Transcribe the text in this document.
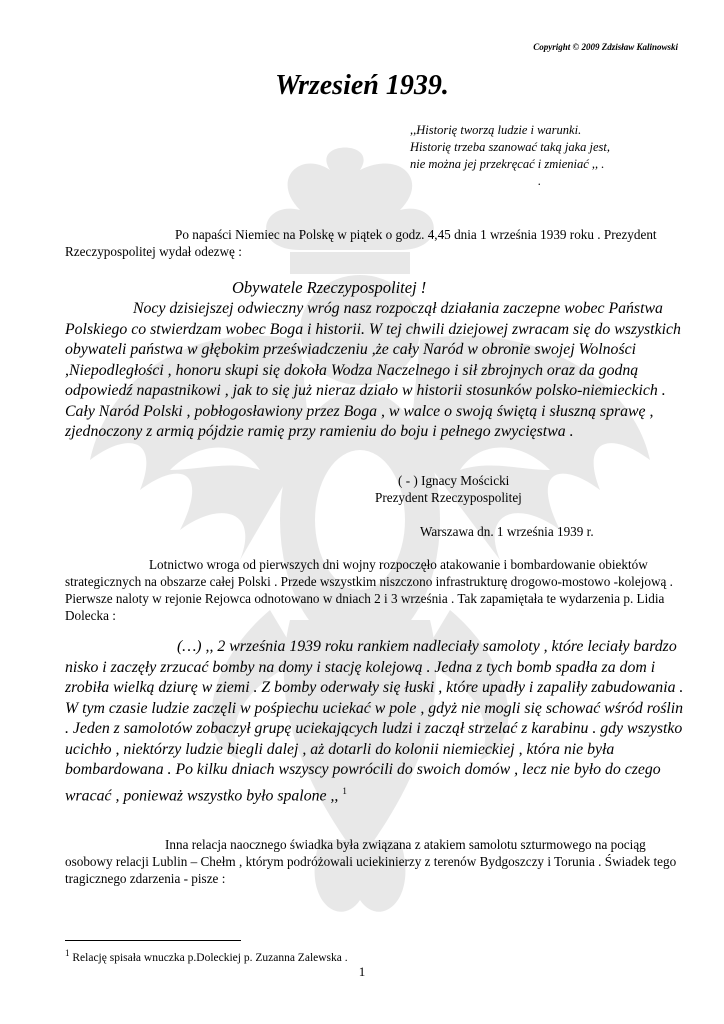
Copyright © 2009 Zdzisław Kalinowski
Wrzesień 1939.
,,Historię tworzą ludzie i warunki.
Historię trzeba szanować taką jaka jest,
nie można jej przekręcać i zmieniać ,, .
.

Po napaści Niemiec na Polskę w piątek o godz. 4,45 dnia 1 września 1939 roku . Prezydent Rzeczypospolitej wydał odezwę :

Obywatele Rzeczypospolitej !

Nocy dzisiejszej odwieczny wróg nasz rozpoczął działania zaczepne wobec Państwa Polskiego co stwierdzam wobec Boga i historii. W tej chwili dziejowej zwracam się do wszystkich obywateli państwa w głębokim przeświadczeniu ,że cały Naród w obronie swojej Wolności ,Niepodległości , honoru skupi się dokoła Wodza Naczelnego i sił zbrojnych oraz da godną odpowiedź napastnikowi , jak to się już nieraz działo w historii stosunków polsko-niemieckich . Cały Naród Polski , pobłogosławiony przez Boga , w walce o swoją świętą i słuszną sprawę , zjednoczony z armią pójdzie ramię przy ramieniu do boju i pełnego zwycięstwa .

( - ) Ignacy Mościcki
Prezydent Rzeczypospolitej
Warszawa dn. 1 września 1939 r.

Lotnictwo wroga od pierwszych dni wojny rozpoczęło atakowanie i bombardowanie obiektów strategicznych na obszarze całej Polski . Przede wszystkim niszczono infrastrukturę drogowo-mostowo -kolejową . Pierwsze naloty w rejonie Rejowca odnotowano w dniach 2 i 3 września . Tak zapamiętała te wydarzenia p. Lidia Dolecka :

(…) ,, 2 września 1939 roku rankiem nadleciały samoloty , które leciały bardzo nisko i zaczęły zrzucać bomby na domy i stację kolejową . Jedna z tych bomb spadła za dom i zrobiła wielką dziurę w ziemi . Z bomby oderwały się łuski , które upadły i zapaliły zabudowania . W tym czasie ludzie zaczęli w pośpiechu uciekać w pole , gdyż nie mogli się schować wśród roślin . Jeden z samolotów zobaczył grupę uciekających ludzi i zaczął strzelać z karabinu . gdy wszystko ucichło , niektórzy ludzie biegli dalej , aż dotarli do kolonii niemieckiej , która nie była bombardowana . Po kilku dniach wszyscy powrócili do swoich domów , lecz nie było do czego wracać , ponieważ wszystko było spalone ,, $^1$

Inna relacja naocznego świadka była związana z atakiem samolotu szturmowego na pociąg osobowy relacji Lublin – Chełm , którym podróżowali uciekinierzy z terenów Bydgoszczy i Torunia . Świadek tego tragicznego zdarzenia - pisze :

$^1$ Relację spisała wnuczka p.Doleckiej p. Zuzanna Zalewska .
1
